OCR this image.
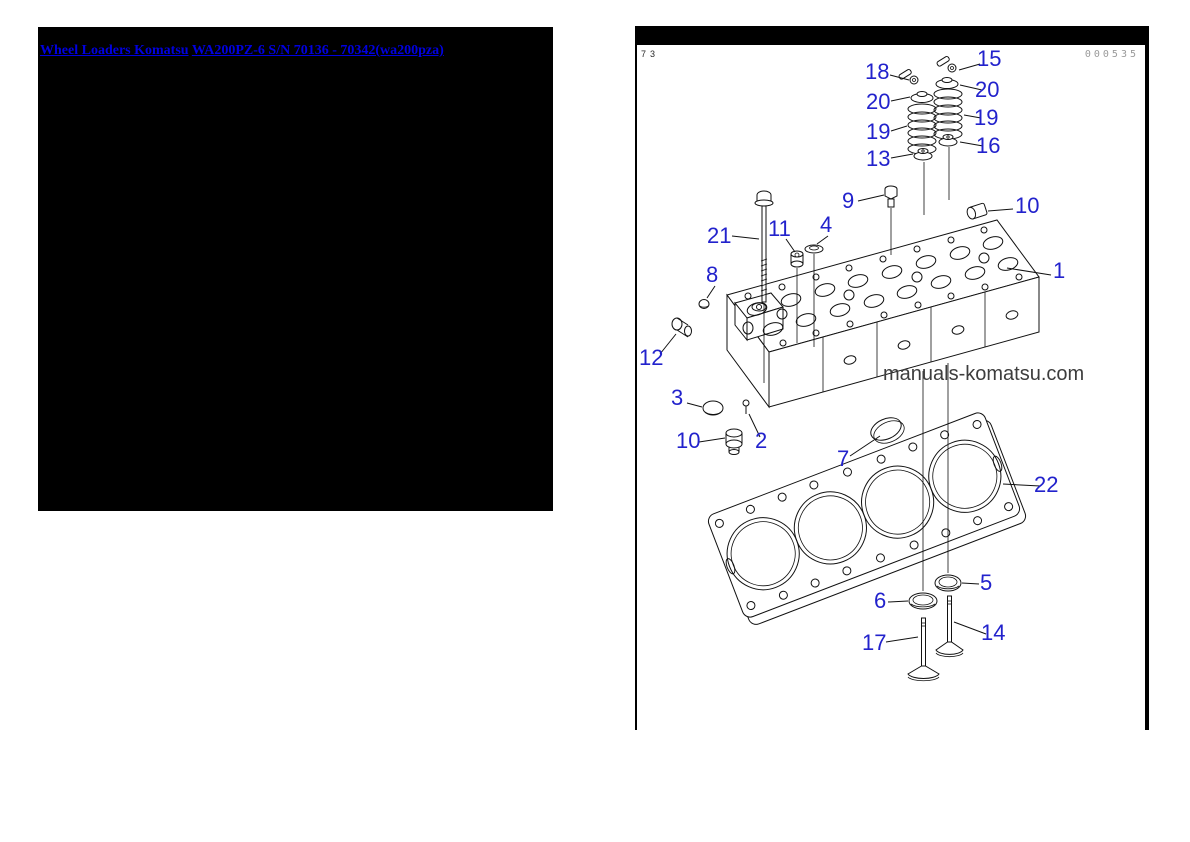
Wheel Loaders Komatsu WA200PZ-6 S/N 70136 - 70342(wa200pza)	73	000535
manuals-komatsu.com
18
15
20
20
19
19
13
16
9	10
21 11 4
1
8
12
3
10 2
7
22
5
6
17	14
